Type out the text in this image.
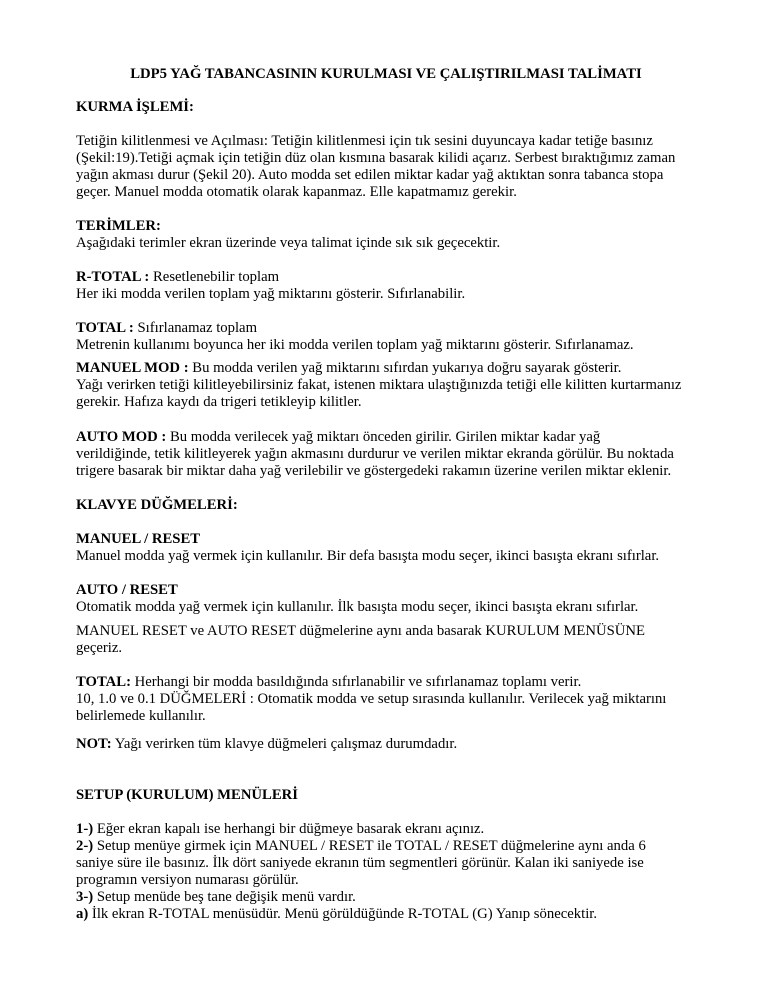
LDP5 YAĞ TABANCASININ KURULMASI VE ÇALIŞTIRILMASI TALİMATI
KURMA İŞLEMİ:
Tetiğin kilitlenmesi ve Açılması: Tetiğin kilitlenmesi için tık sesini duyuncaya kadar tetiğe basınız
(Şekil:19).Tetiği açmak için tetiğin düz olan kısmına basarak kilidi açarız. Serbest bıraktığımız zaman
yağın akması durur (Şekil 20). Auto modda set edilen miktar kadar yağ aktıktan sonra tabanca stopa
geçer. Manuel modda otomatik olarak kapanmaz. Elle kapatmamız gerekir.
TERİMLER:
Aşağıdaki terimler ekran üzerinde veya talimat içinde sık sık geçecektir.
R-TOTAL : Resetlenebilir toplam
Her iki modda verilen toplam yağ miktarını gösterir. Sıfırlanabilir.
TOTAL : Sıfırlanamaz toplam
Metrenin kullanımı boyunca her iki modda verilen toplam yağ miktarını gösterir. Sıfırlanamaz.
MANUEL MOD : Bu modda verilen yağ miktarını sıfırdan yukarıya doğru sayarak gösterir.
Yağı verirken tetiği kilitleyebilirsiniz fakat, istenen miktara ulaştığınızda tetiği elle kilitten kurtarmanız
gerekir. Hafıza kaydı da trigeri tetikleyip kilitler.
AUTO MOD : Bu modda verilecek yağ miktarı önceden girilir. Girilen miktar kadar yağ
verildiğinde, tetik kilitleyerek yağın akmasını durdurur ve verilen miktar ekranda görülür. Bu noktada
trigere basarak bir miktar daha yağ verilebilir ve göstergedeki rakamın üzerine verilen miktar eklenir.
KLAVYE DÜĞMELERİ:
MANUEL / RESET
Manuel modda yağ vermek için kullanılır. Bir defa basışta modu seçer, ikinci basışta ekranı sıfırlar.
AUTO / RESET
Otomatik modda yağ vermek için kullanılır. İlk basışta modu seçer, ikinci basışta ekranı sıfırlar.
MANUEL RESET ve AUTO RESET düğmelerine aynı anda basarak KURULUM MENÜSÜNE
geçeriz.
TOTAL: Herhangi bir modda basıldığında sıfırlanabilir ve sıfırlanamaz toplamı verir.
10, 1.0 ve 0.1 DÜĞMELERİ : Otomatik modda ve setup sırasında kullanılır. Verilecek yağ miktarını
belirlemede kullanılır.
NOT: Yağı verirken tüm klavye düğmeleri çalışmaz durumdadır.
SETUP (KURULUM) MENÜLERİ
1-) Eğer ekran kapalı ise herhangi bir düğmeye basarak ekranı açınız.
2-) Setup menüye girmek için MANUEL / RESET ile TOTAL / RESET düğmelerine aynı anda 6
saniye süre ile basınız. İlk dört saniyede ekranın tüm segmentleri görünür. Kalan iki saniyede ise
programın versiyon numarası görülür.
3-) Setup menüde beş tane değişik menü vardır.
a) İlk ekran R-TOTAL menüsüdür. Menü görüldüğünde R-TOTAL (G) Yanıp sönecektir.
